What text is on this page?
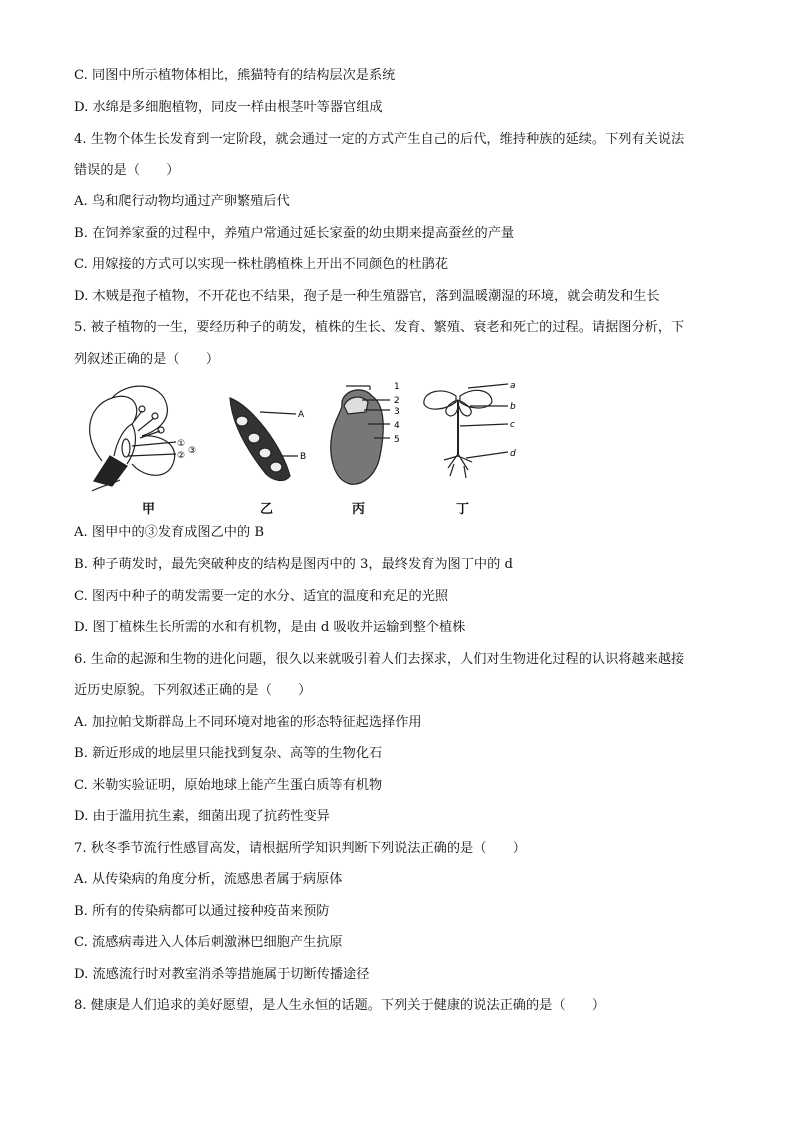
C. 同图中所示植物体相比，熊猫特有的结构层次是系统
D. 水绵是多细胞植物，同皮一样由根茎叶等器官组成
4. 生物个体生长发育到一定阶段，就会通过一定的方式产生自己的后代，维持种族的延续。下列有关说法
错误的是（　　）
A. 鸟和爬行动物均通过产卵繁殖后代
B. 在饲养家蚕的过程中，养殖户常通过延长家蚕的幼虫期来提高蚕丝的产量
C. 用嫁接的方式可以实现一株杜鹃植株上开出不同颜色的杜鹃花
D. 木贼是孢子植物，不开花也不结果，孢子是一种生殖器官，落到温暖潮湿的环境，就会萌发和生长
5. 被子植物的一生，要经历种子的萌发，植株的生长、发育、繁殖、衰老和死亡的过程。请据图分析，下
列叙述正确的是（　　）
①
② ③
A
B
1
2
3
4
5
a
b
c
d
甲	乙	丙	丁
A. 图甲中的③发育成图乙中的 B
B. 种子萌发时，最先突破种皮的结构是图丙中的 3，最终发育为图丁中的 d
C. 图丙中种子的萌发需要一定的水分、适宜的温度和充足的光照
D. 图丁植株生长所需的水和有机物，是由 d 吸收并运输到整个植株
6. 生命的起源和生物的进化问题，很久以来就吸引着人们去探求，人们对生物进化过程的认识将越来越接
近历史原貌。下列叙述正确的是（　　）
A. 加拉帕戈斯群岛上不同环境对地雀的形态特征起选择作用
B. 新近形成的地层里只能找到复杂、高等的生物化石
C. 米勒实验证明，原始地球上能产生蛋白质等有机物
D. 由于滥用抗生素，细菌出现了抗药性变异
7. 秋冬季节流行性感冒高发，请根据所学知识判断下列说法正确的是（　　）
A. 从传染病的角度分析，流感患者属于病原体
B. 所有的传染病都可以通过接种疫苗来预防
C. 流感病毒进入人体后刺激淋巴细胞产生抗原
D. 流感流行时对教室消杀等措施属于切断传播途径
8. 健康是人们追求的美好愿望，是人生永恒的话题。下列关于健康的说法正确的是（　　）
